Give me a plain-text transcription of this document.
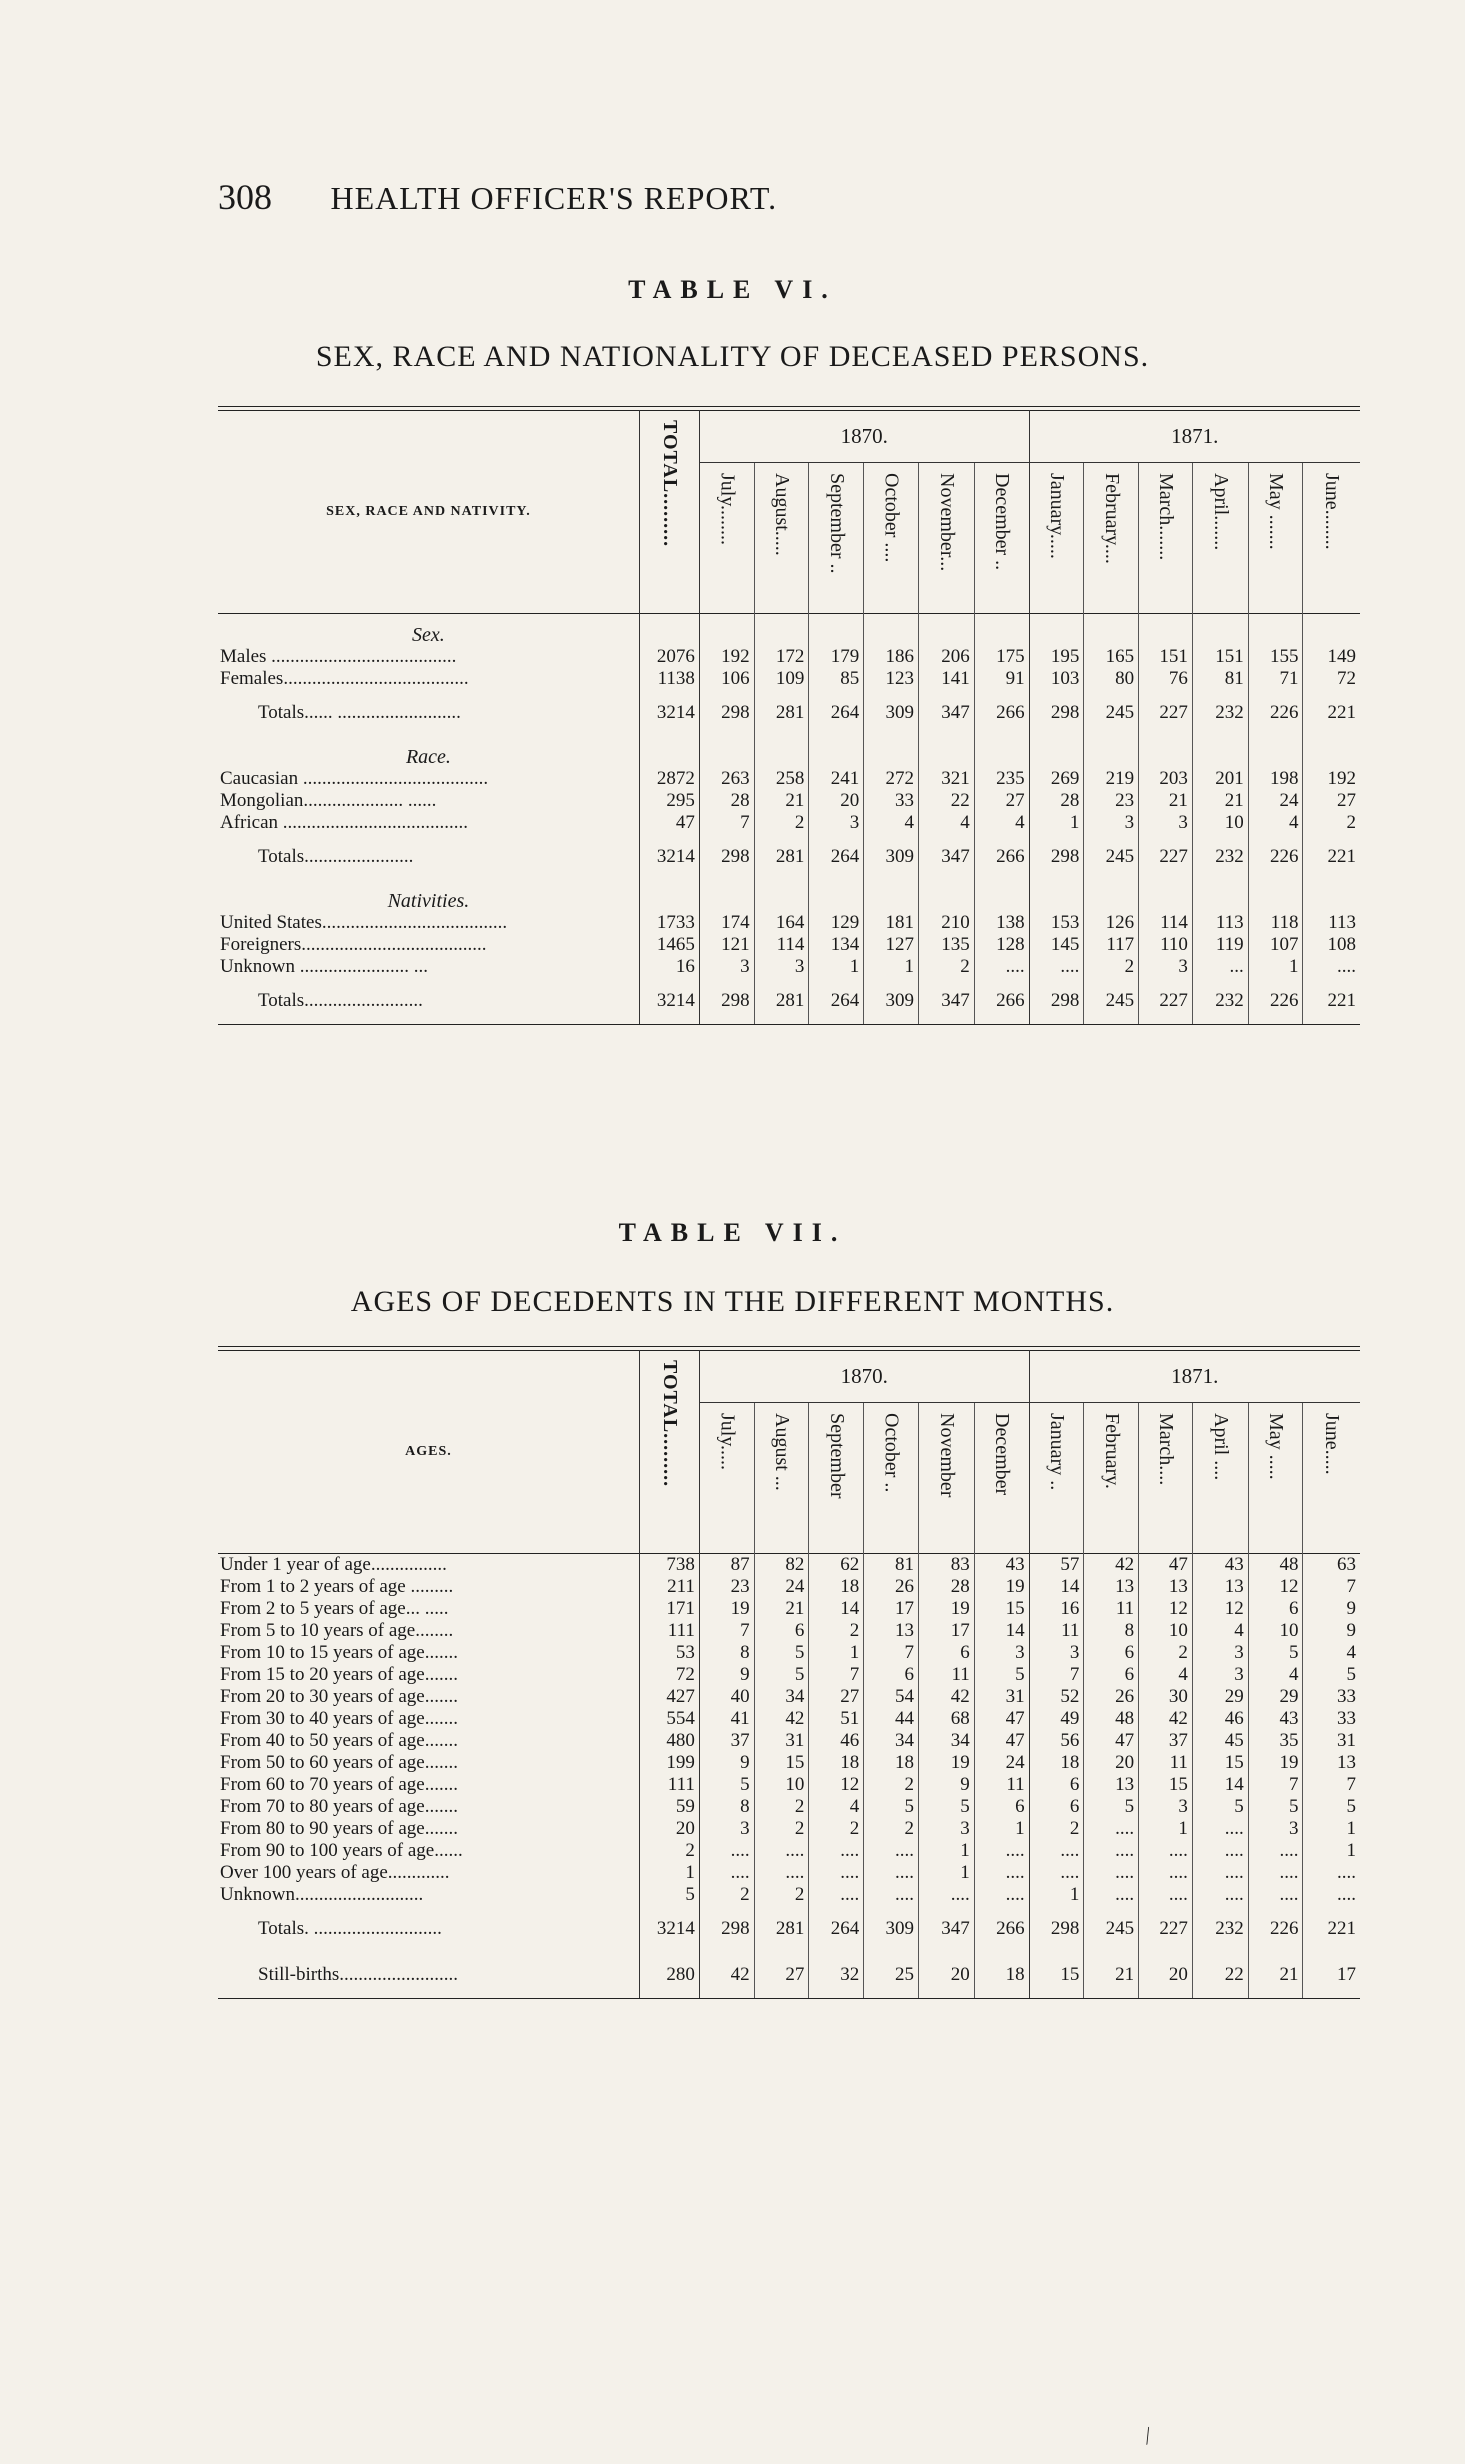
308 HEALTH OFFICER'S REPORT.
TABLE VI.
SEX, RACE AND NATIONALITY OF DECEASED PERSONS.
SEX, RACE AND NATIVITY.	TOTAL.........	1870.						1871.					

		July........	August.....	September ..	October ....	November...	December ..	January.....	February....	March.......	April.......	May .......	June........

Sex.													
Males .......................................	2076	192	172	179	186	206	175	195	165	151	151	155	149
Females.......................................	1138	106	109	85	123	141	91	103	80	76	81	71	72
Totals...... ..........................	3214	298	281	264	309	347	266	298	245	227	232	226	221
Race.													
Caucasian .......................................	2872	263	258	241	272	321	235	269	219	203	201	198	192
Mongolian..................... ......	295	28	21	20	33	22	27	28	23	21	21	24	27
African .......................................	47	7	2	3	4	4	4	1	3	3	10	4	2
Totals.......................	3214	298	281	264	309	347	266	298	245	227	232	226	221
Nativities.													
United States.......................................	1733	174	164	129	181	210	138	153	126	114	113	118	113
Foreigners.......................................	1465	121	114	134	127	135	128	145	117	110	119	107	108
Unknown ....................... ...	16	3	3	1	1	2	....	....	2	3	...	1	....
Totals.........................	3214	298	281	264	309	347	266	298	245	227	232	226	221
TABLE VII.
AGES OF DECEDENTS IN THE DIFFERENT MONTHS.
AGES.	TOTAL.........	1870.						1871.					

		July.....	August ...	September	October ..	November	December	January ..	February.	March....	April ....	May .....	June.....

Under 1 year of age................	738	87	82	62	81	83	43	57	42	47	43	48	63
From 1 to 2 years of age .........	211	23	24	18	26	28	19	14	13	13	13	12	7
From 2 to 5 years of age... .....	171	19	21	14	17	19	15	16	11	12	12	6	9
From 5 to 10 years of age........	111	7	6	2	13	17	14	11	8	10	4	10	9
From 10 to 15 years of age.......	53	8	5	1	7	6	3	3	6	2	3	5	4
From 15 to 20 years of age.......	72	9	5	7	6	11	5	7	6	4	3	4	5
From 20 to 30 years of age.......	427	40	34	27	54	42	31	52	26	30	29	29	33
From 30 to 40 years of age.......	554	41	42	51	44	68	47	49	48	42	46	43	33
From 40 to 50 years of age.......	480	37	31	46	34	34	47	56	47	37	45	35	31
From 50 to 60 years of age.......	199	9	15	18	18	19	24	18	20	11	15	19	13
From 60 to 70 years of age.......	111	5	10	12	2	9	11	6	13	15	14	7	7
From 70 to 80 years of age.......	59	8	2	4	5	5	6	6	5	3	5	5	5
From 80 to 90 years of age.......	20	3	2	2	2	3	1	2	....	1	....	3	1
From 90 to 100 years of age......	2	....	....	....	....	1	....	....	....	....	....	....	1
Over 100 years of age.............	1	....	....	....	....	1	....	....	....	....	....	....	....
Unknown...........................	5	2	2	....	....	....	....	1	....	....	....	....	....
Totals. ...........................	3214	298	281	264	309	347	266	298	245	227	232	226	221
Still-births.........................	280	42	27	32	25	20	18	15	21	20	22	21	17
⁄
